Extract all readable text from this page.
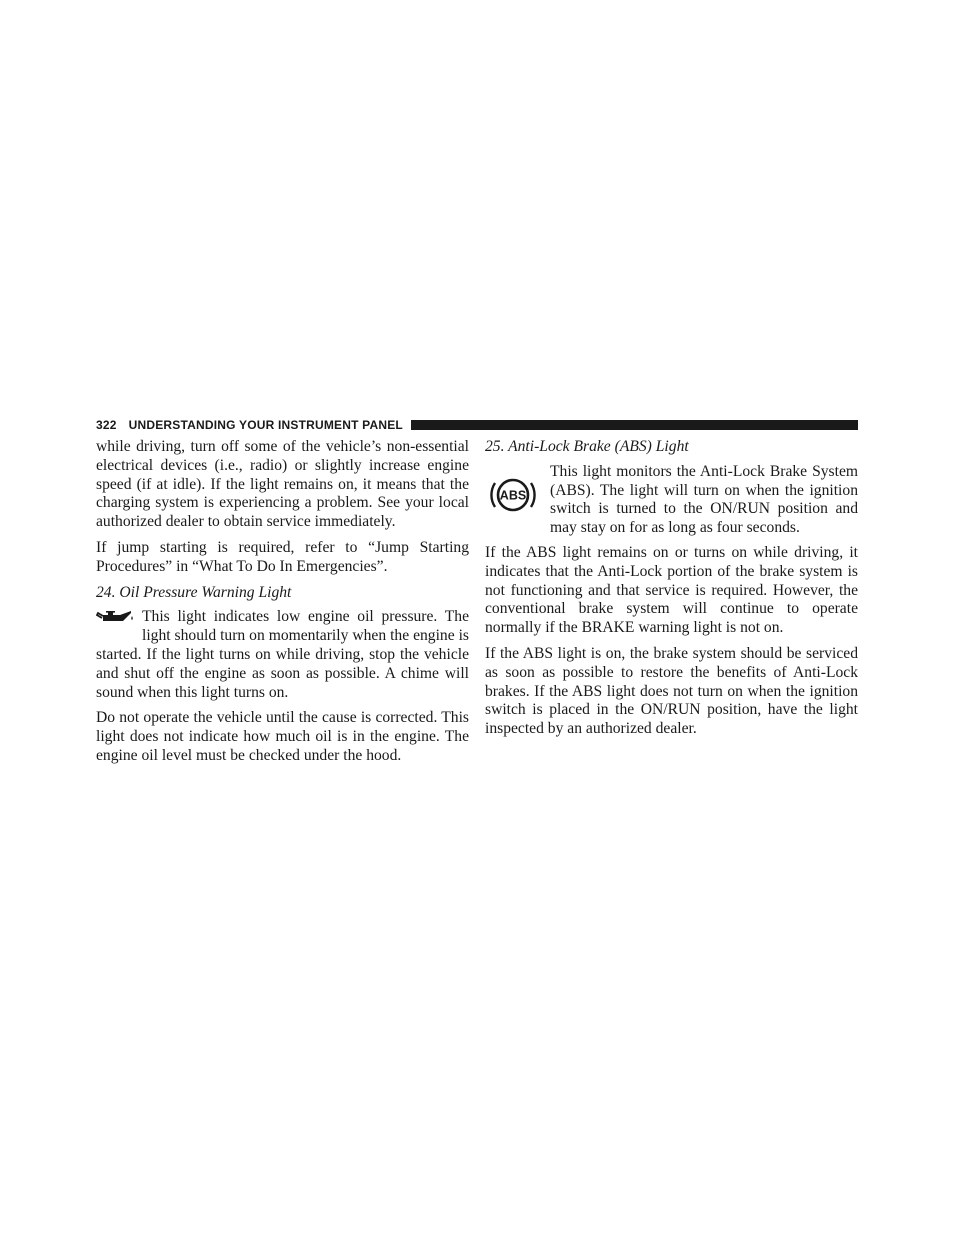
322 UNDERSTANDING YOUR INSTRUMENT PANEL

while driving, turn off some of the vehicle’s non-essential electrical devices (i.e., radio) or slightly increase engine speed (if at idle). If the light remains on, it means that the charging system is experiencing a problem. See your local authorized dealer to obtain service immediately.

If jump starting is required, refer to “Jump Starting Procedures” in “What To Do In Emergencies”.

24. Oil Pressure Warning Light

This light indicates low engine oil pressure. The light should turn on momentarily when the engine is started. If the light turns on while driving, stop the vehicle and shut off the engine as soon as possible. A chime will sound when this light turns on.

Do not operate the vehicle until the cause is corrected. This light does not indicate how much oil is in the engine. The engine oil level must be checked under the hood.

25. Anti-Lock Brake (ABS) Light
ABS

This light monitors the Anti-Lock Brake System (ABS). The light will turn on when the ignition switch is turned to the ON/RUN position and may stay on for as long as four seconds.

If the ABS light remains on or turns on while driving, it indicates that the Anti-Lock portion of the brake system is not functioning and that service is required. However, the conventional brake system will continue to operate normally if the BRAKE warning light is not on.

If the ABS light is on, the brake system should be serviced as soon as possible to restore the benefits of Anti-Lock brakes. If the ABS light does not turn on when the ignition switch is placed in the ON/RUN position, have the light inspected by an authorized dealer.
